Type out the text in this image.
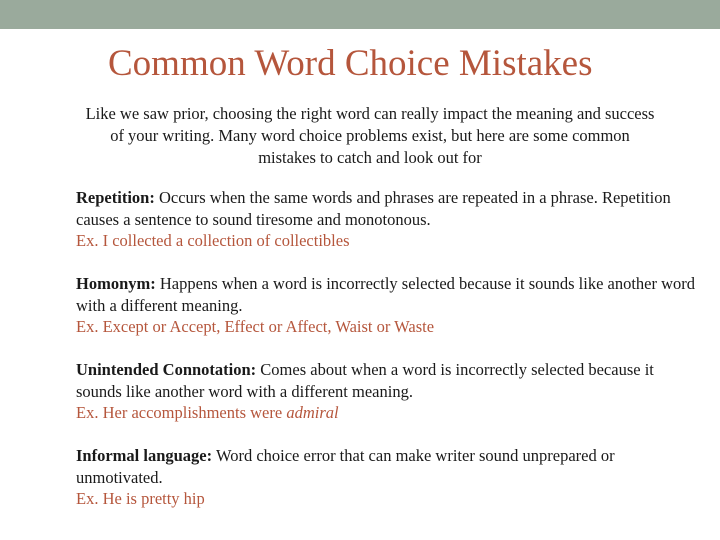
Common Word Choice Mistakes

Like we saw prior, choosing the right word can really impact the meaning and success of your writing. Many word choice problems exist, but here are some common mistakes to catch and look out for

Repetition: Occurs when the same words and phrases are repeated in a phrase. Repetition causes a sentence to sound tiresome and monotonous.
Ex. I collected a collection of collectibles

Homonym: Happens when a word is incorrectly selected because it sounds like another word with a different meaning.
Ex. Except or Accept, Effect or Affect, Waist or Waste

Unintended Connotation: Comes about when a word is incorrectly selected because it sounds like another word with a different meaning.
Ex. Her accomplishments were admiral

Informal language: Word choice error that can make writer sound unprepared or unmotivated.
Ex. He is pretty hip
